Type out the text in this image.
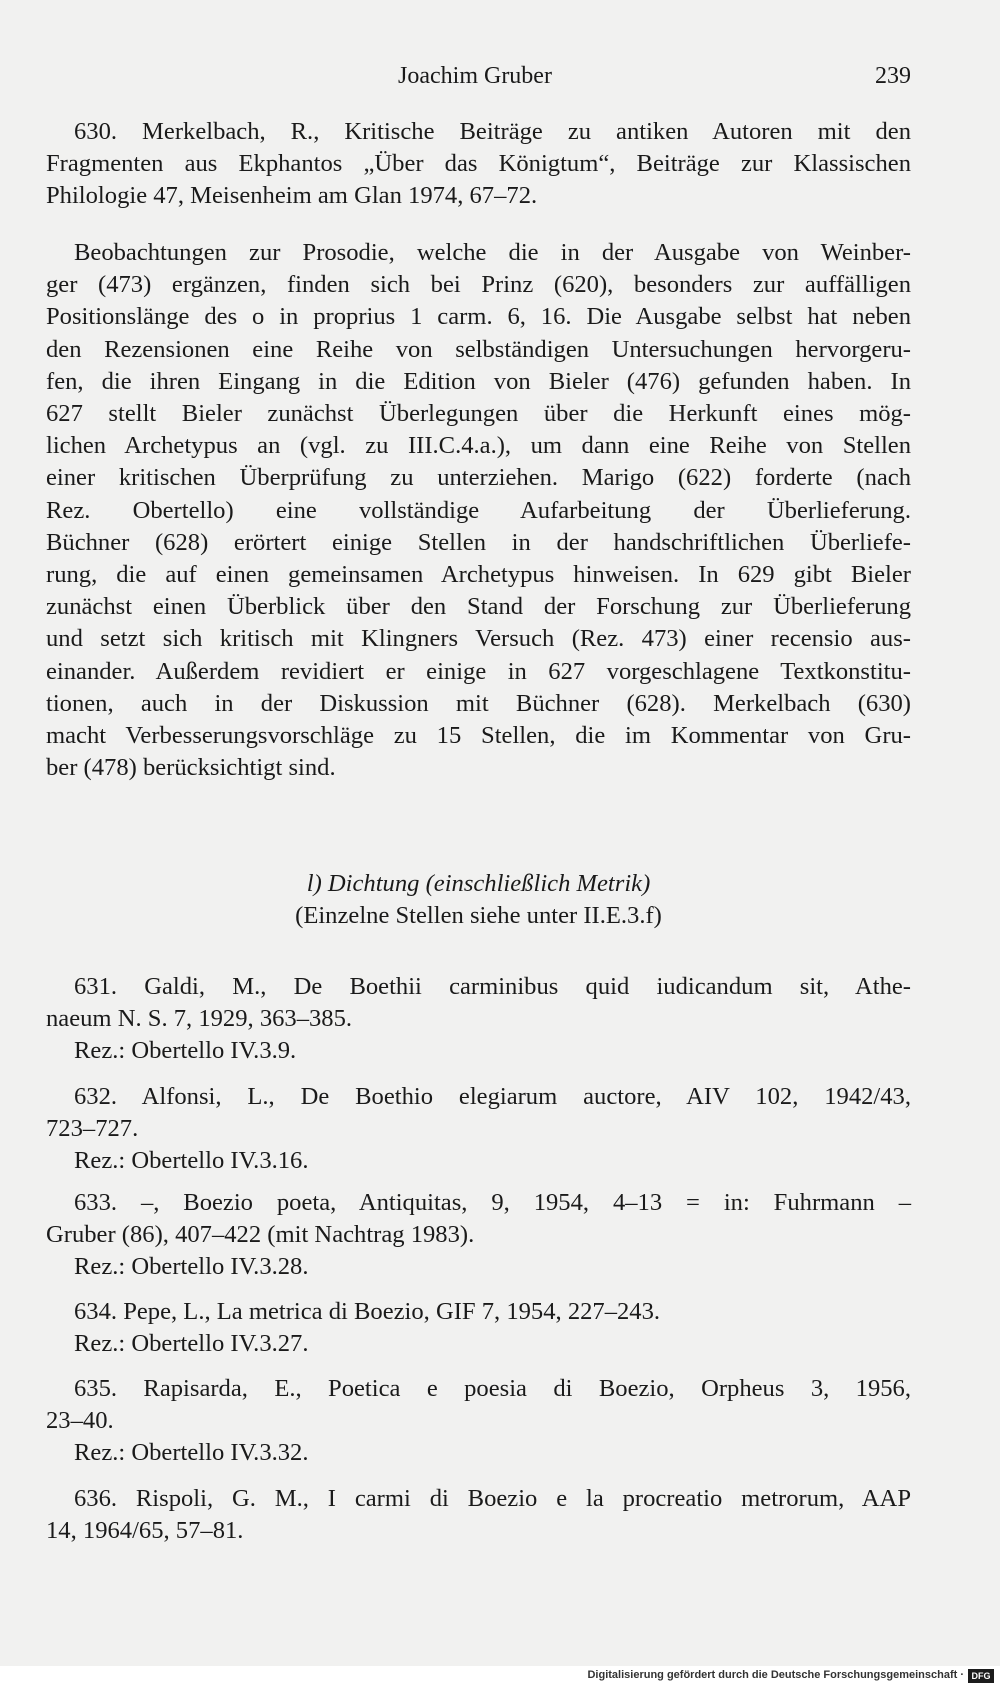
Joachim Gruber	239

630. Merkelbach, R., Kritische Beiträge zu antiken Autoren mit den

Fragmenten aus Ekphantos „Über das Königtum“, Beiträge zur Klassischen

Philologie 47, Meisenheim am Glan 1974, 67–72.

Beobachtungen zur Prosodie, welche die in der Ausgabe von Weinber-

ger (473) ergänzen, finden sich bei Prinz (620), besonders zur auffälligen

Positionslänge des o in proprius 1 carm. 6, 16. Die Ausgabe selbst hat neben

den Rezensionen eine Reihe von selbständigen Untersuchungen hervorgeru-

fen, die ihren Eingang in die Edition von Bieler (476) gefunden haben. In

627 stellt Bieler zunächst Überlegungen über die Herkunft eines mög-

lichen Archetypus an (vgl. zu III.C.4.a.), um dann eine Reihe von Stellen

einer kritischen Überprüfung zu unterziehen. Marigo (622) forderte (nach

Rez. Obertello) eine vollständige Aufarbeitung der Überlieferung.

Büchner (628) erörtert einige Stellen in der handschriftlichen Überliefe-

rung, die auf einen gemeinsamen Archetypus hinweisen. In 629 gibt Bieler

zunächst einen Überblick über den Stand der Forschung zur Überlieferung

und setzt sich kritisch mit Klingners Versuch (Rez. 473) einer recensio aus-

einander. Außerdem revidiert er einige in 627 vorgeschlagene Textkonstitu-

tionen, auch in der Diskussion mit Büchner (628). Merkelbach (630)

macht Verbesserungsvorschläge zu 15 Stellen, die im Kommentar von Gru-

ber (478) berücksichtigt sind.

l) Dichtung (einschließlich Metrik)

(Einzelne Stellen siehe unter II.E.3.f)

631. Galdi, M., De Boethii carminibus quid iudicandum sit, Athe-

naeum N. S. 7, 1929, 363–385.

Rez.: Obertello IV.3.9.

632. Alfonsi, L., De Boethio elegiarum auctore, AIV 102, 1942/43,

723–727.

Rez.: Obertello IV.3.16.

633. –, Boezio poeta, Antiquitas, 9, 1954, 4–13 = in: Fuhrmann –

Gruber (86), 407–422 (mit Nachtrag 1983).

Rez.: Obertello IV.3.28.

634. Pepe, L., La metrica di Boezio, GIF 7, 1954, 227–243.

Rez.: Obertello IV.3.27.

635. Rapisarda, E., Poetica e poesia di Boezio, Orpheus 3, 1956,

23–40.

Rez.: Obertello IV.3.32.

636. Rispoli, G. M., I carmi di Boezio e la procreatio metrorum, AAP

14, 1964/65, 57–81.

Digitalisierung gefördert durch die Deutsche Forschungsgemeinschaft · DFG
